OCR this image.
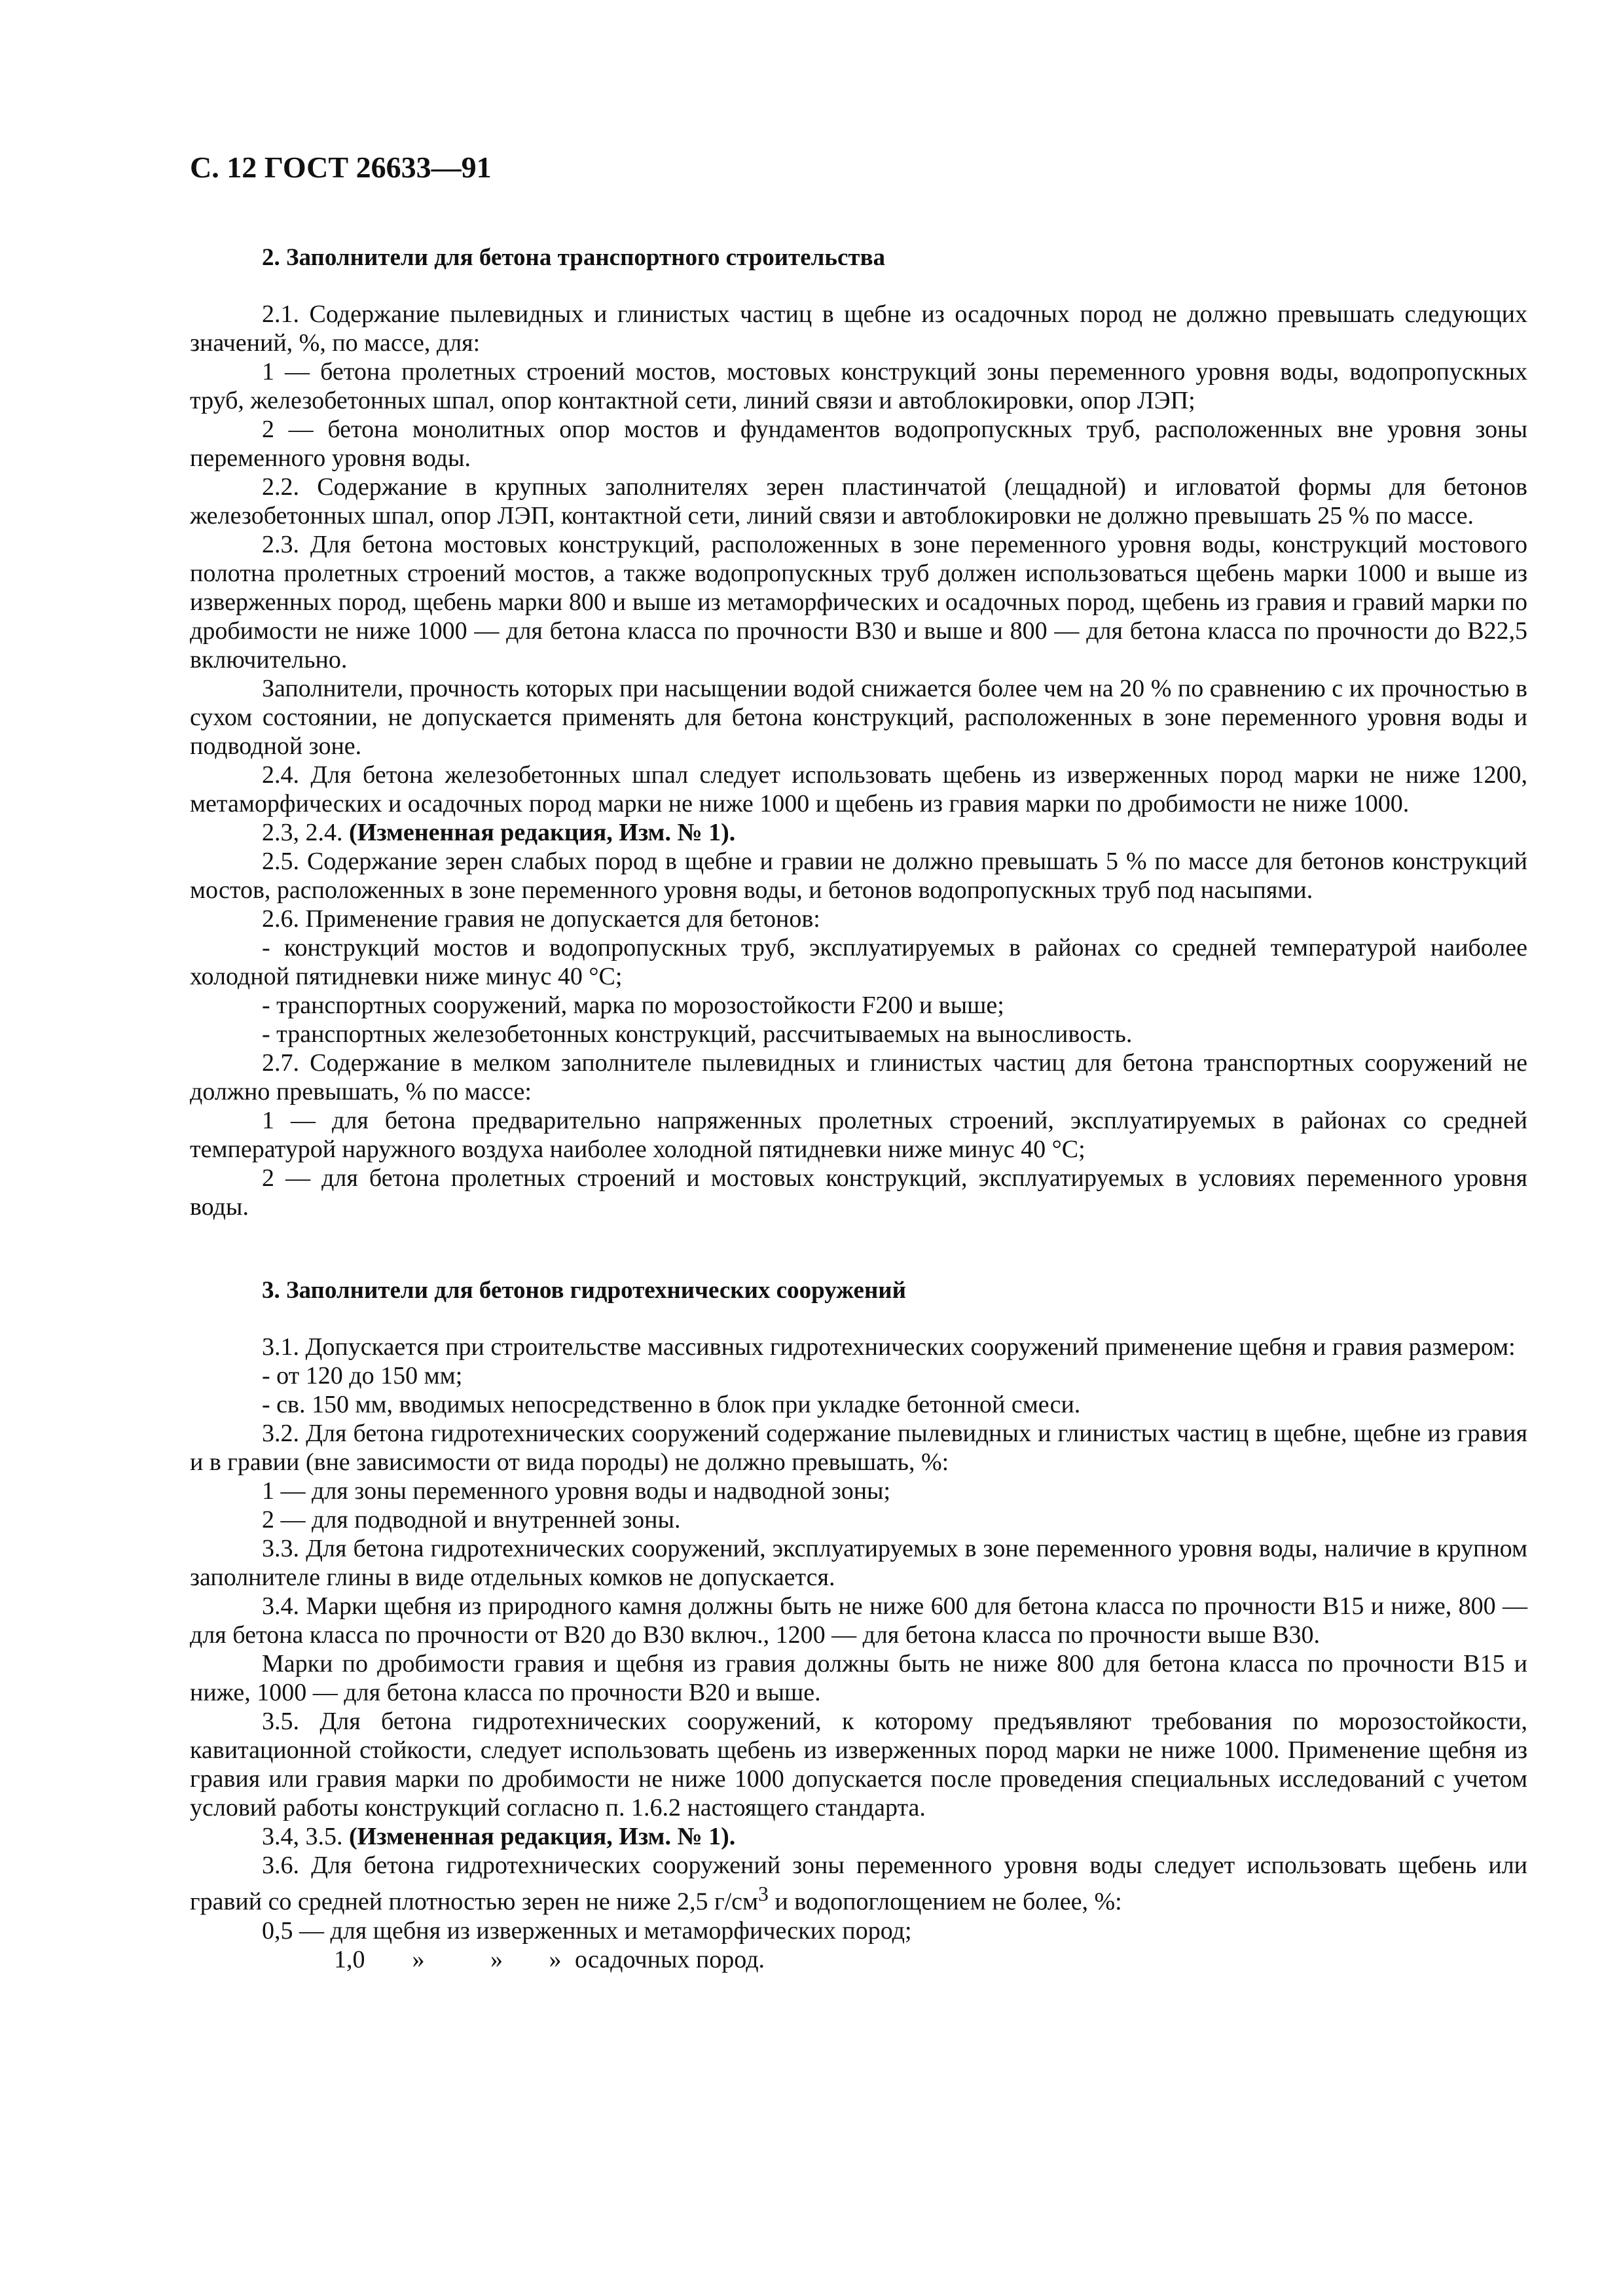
С. 12 ГОСТ 26633—91
2. Заполнители для бетона транспортного строительства

2.1. Содержание пылевидных и глинистых частиц в щебне из осадочных пород не должно превышать следующих значений, %, по массе, для:

1 — бетона пролетных строений мостов, мостовых конструкций зоны переменного уровня воды, водопропускных труб, железобетонных шпал, опор контактной сети, линий связи и автоблокировки, опор ЛЭП;

2 — бетона монолитных опор мостов и фундаментов водопропускных труб, расположенных вне уровня зоны переменного уровня воды.

2.2. Содержание в крупных заполнителях зерен пластинчатой (лещадной) и игловатой формы для бетонов железобетонных шпал, опор ЛЭП, контактной сети, линий связи и автоблокировки не должно превышать 25 % по массе.

2.3. Для бетона мостовых конструкций, расположенных в зоне переменного уровня воды, конструкций мостового полотна пролетных строений мостов, а также водопропускных труб должен использоваться щебень марки 1000 и выше из изверженных пород, щебень марки 800 и выше из метаморфических и осадочных пород, щебень из гравия и гравий марки по дробимости не ниже 1000 — для бетона класса по прочности В30 и выше и 800 — для бетона класса по прочности до В22,5 включительно.

Заполнители, прочность которых при насыщении водой снижается более чем на 20 % по сравнению с их прочностью в сухом состоянии, не допускается применять для бетона конструкций, расположенных в зоне переменного уровня воды и подводной зоне.

2.4. Для бетона железобетонных шпал следует использовать щебень из изверженных пород марки не ниже 1200, метаморфических и осадочных пород марки не ниже 1000 и щебень из гравия марки по дробимости не ниже 1000.

2.3, 2.4. (Измененная редакция, Изм. № 1).

2.5. Содержание зерен слабых пород в щебне и гравии не должно превышать 5 % по массе для бетонов конструкций мостов, расположенных в зоне переменного уровня воды, и бетонов водопропускных труб под насыпями.

2.6. Применение гравия не допускается для бетонов:

- конструкций мостов и водопропускных труб, эксплуатируемых в районах со средней температурой наиболее холодной пятидневки ниже минус 40 °С;

- транспортных сооружений, марка по морозостойкости F200 и выше;

- транспортных железобетонных конструкций, рассчитываемых на выносливость.

2.7. Содержание в мелком заполнителе пылевидных и глинистых частиц для бетона транспортных сооружений не должно превышать, % по массе:

1 — для бетона предварительно напряженных пролетных строений, эксплуатируемых в районах со средней температурой наружного воздуха наиболее холодной пятидневки ниже минус 40 °С;

2 — для бетона пролетных строений и мостовых конструкций, эксплуатируемых в условиях переменного уровня воды.

3. Заполнители для бетонов гидротехнических сооружений

3.1. Допускается при строительстве массивных гидротехнических сооружений применение щебня и гравия размером:

- от 120 до 150 мм;

- св. 150 мм, вводимых непосредственно в блок при укладке бетонной смеси.

3.2. Для бетона гидротехнических сооружений содержание пылевидных и глинистых частиц в щебне, щебне из гравия и в гравии (вне зависимости от вида породы) не должно превышать, %:

1 — для зоны переменного уровня воды и надводной зоны;

2 — для подводной и внутренней зоны.

3.3. Для бетона гидротехнических сооружений, эксплуатируемых в зоне переменного уровня воды, наличие в крупном заполнителе глины в виде отдельных комков не допускается.

3.4. Марки щебня из природного камня должны быть не ниже 600 для бетона класса по прочности В15 и ниже, 800 — для бетона класса по прочности от В20 до В30 включ., 1200 — для бетона класса по прочности выше В30.

Марки по дробимости гравия и щебня из гравия должны быть не ниже 800 для бетона класса по прочности В15 и ниже, 1000 — для бетона класса по прочности В20 и выше.

3.5. Для бетона гидротехнических сооружений, к которому предъявляют требования по морозостойкости, кавитационной стойкости, следует использовать щебень из изверженных пород марки не ниже 1000. Применение щебня из гравия или гравия марки по дробимости не ниже 1000 допускается после проведения специальных исследований с учетом условий работы конструкций согласно п. 1.6.2 настоящего стандарта.

3.4, 3.5. (Измененная редакция, Изм. № 1).

3.6. Для бетона гидротехнических сооружений зоны переменного уровня воды следует использовать щебень или гравий со средней плотностью зерен не ниже 2,5 $г/см^3$ и водопоглощением не более, %:

0,5 — для щебня из изверженных и метаморфических пород;

1,0 »	» » осадочных пород.
